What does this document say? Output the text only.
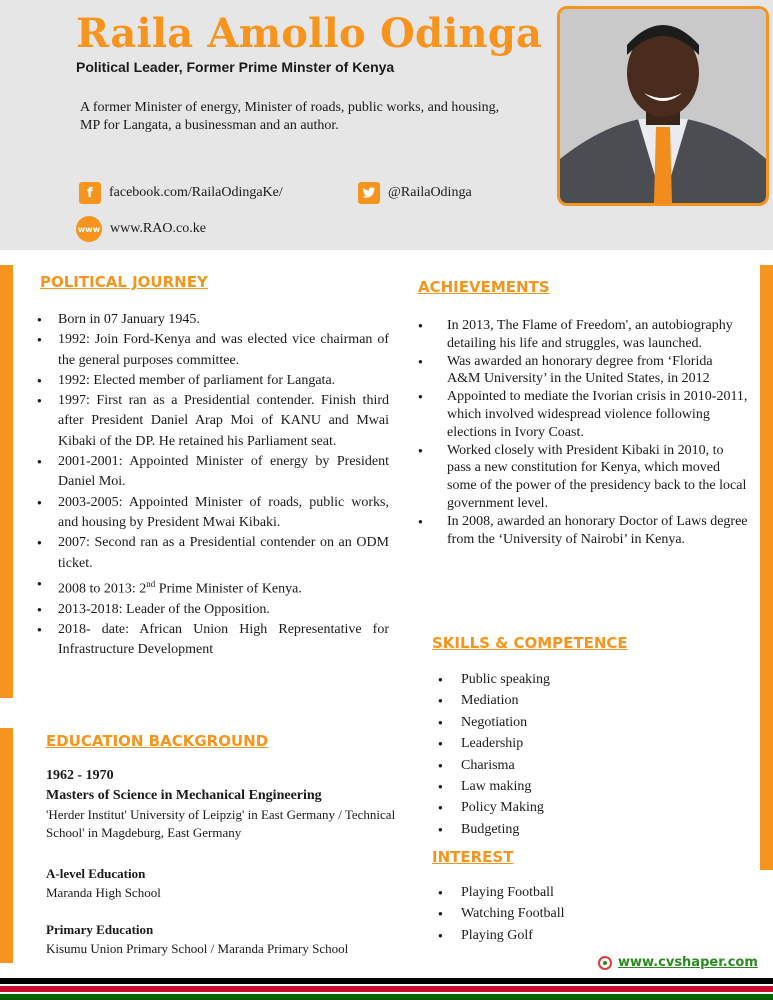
Raila Amollo Odinga
Political Leader, Former Prime Minster of Kenya
A former Minister of energy, Minister of roads, public works, and housing, MP for Langata, a businessman and an author.
f	facebook.com/RailaOdingaKe/	@RailaOdinga
www www.RAO.co.ke
POLITICAL JOURNEY
● Born in 07 January 1945.
● 1992: Join Ford-Kenya and was elected vice chairman of the general purposes committee.
● 1992: Elected member of parliament for Langata.
● 1997: First ran as a Presidential contender. Finish third after President Daniel Arap Moi of KANU and Mwai Kibaki of the DP. He retained his Parliament seat.
● 2001-2001: Appointed Minister of energy by President Daniel Moi.
● 2003-2005: Appointed Minister of roads, public works, and housing by President Mwai Kibaki.
● 2007: Second ran as a Presidential contender on an ODM ticket.
● 2008 to 2013: 2nd Prime Minister of Kenya.
● 2013-2018: Leader of the Opposition.
● 2018- date: African Union High Representative for Infrastructure Development
ACHIEVEMENTS
● In 2013, The Flame of Freedom', an autobiography detailing his life and struggles, was launched.
● Was awarded an honorary degree from ‘Florida A&M University’ in the United States, in 2012
● Appointed to mediate the Ivorian crisis in 2010-2011, which involved widespread violence following elections in Ivory Coast.
● Worked closely with President Kibaki in 2010, to pass a new constitution for Kenya, which moved some of the power of the presidency back to the local government level.
● In 2008, awarded an honorary Doctor of Laws degree from the ‘University of Nairobi’ in Kenya.
SKILLS & COMPETENCE
● Public speaking
● Mediation
● Negotiation
● Leadership
● Charisma
● Law making
● Policy Making
● Budgeting
INTEREST
● Playing Football
● Watching Football
● Playing Golf
EDUCATION BACKGROUND
1962 - 1970
Masters of Science in Mechanical Engineering
'Herder Institut' University of Leipzig' in East Germany / Technical School' in Magdeburg, East Germany
A-level Education
Maranda High School
Primary Education
Kisumu Union Primary School / Maranda Primary School
www.cvshaper.com
